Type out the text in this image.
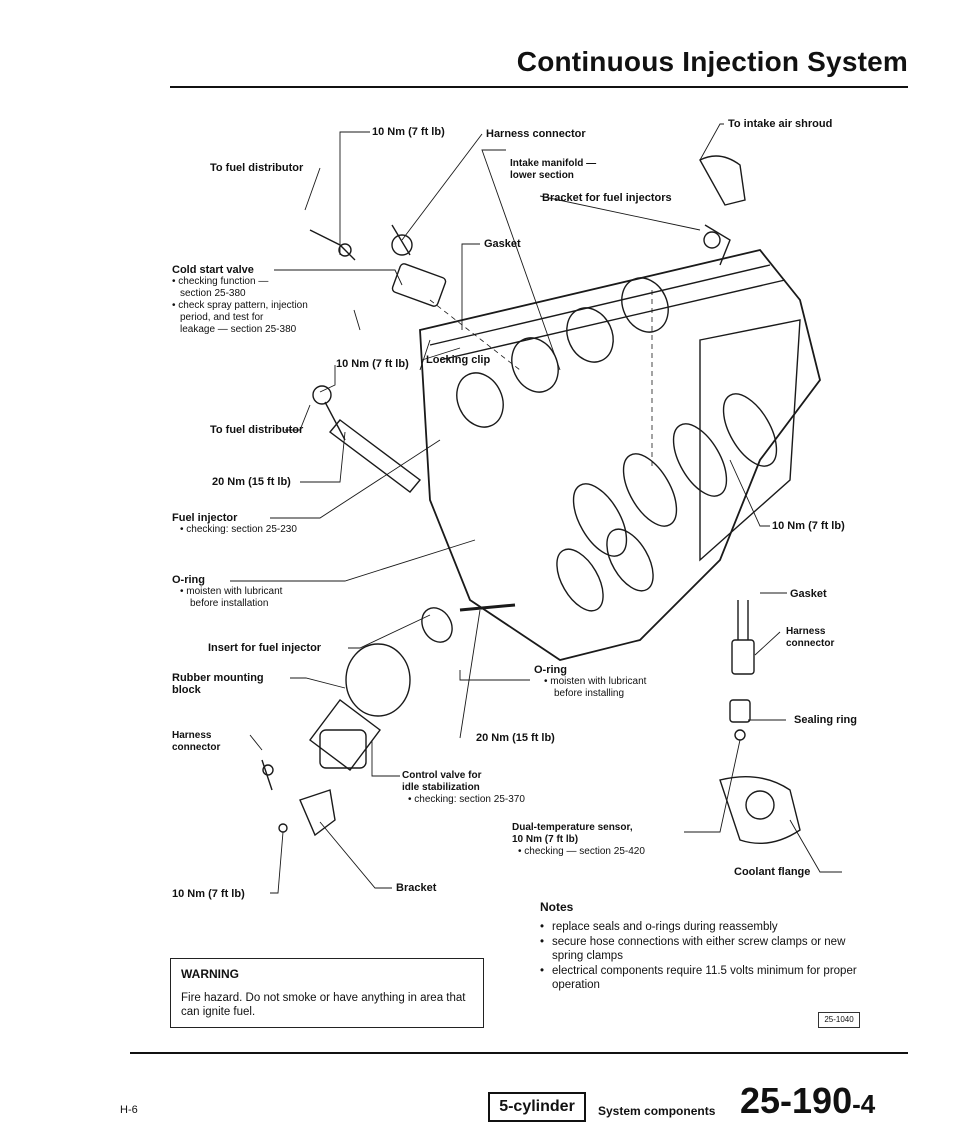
Continuous Injection System
10 Nm (7 ft lb)	Harness connector
To intake air shroud
To fuel distributor	Intake manifold —
lower section
Bracket for fuel injectors
Gasket
Cold start valve
• checking function —
section 25-380
• check spray pattern, injection
period, and test for
leakage — section 25-380
10 Nm (7 ft lb) Locking clip
To fuel distributor
20 Nm (15 ft lb)
Fuel injector
• checking: section 25-230	10 Nm (7 ft lb)
O-ring
• moisten with lubricant
before installation
Gasket
Insert for fuel injector
Harness
connector
Rubber mounting
block
O-ring
• moisten with lubricant
before installing
Harness
connector
20 Nm (15 ft lb)
Sealing ring
Control valve for
idle stabilization
• checking: section 25-370
Dual-temperature sensor,
10 Nm (7 ft lb)
• checking — section 25-420
Coolant flange
10 Nm (7 ft lb)	Bracket
WARNING
Fire hazard. Do not smoke or have anything in area that can ignite fuel.
Notes
• replace seals and o-rings during reassembly
• secure hose connections with either screw clamps or new spring clamps
• electrical components require 11.5 volts minimum for proper operation
25-1040
H-6	5-cylinder	System components 25-190-4
